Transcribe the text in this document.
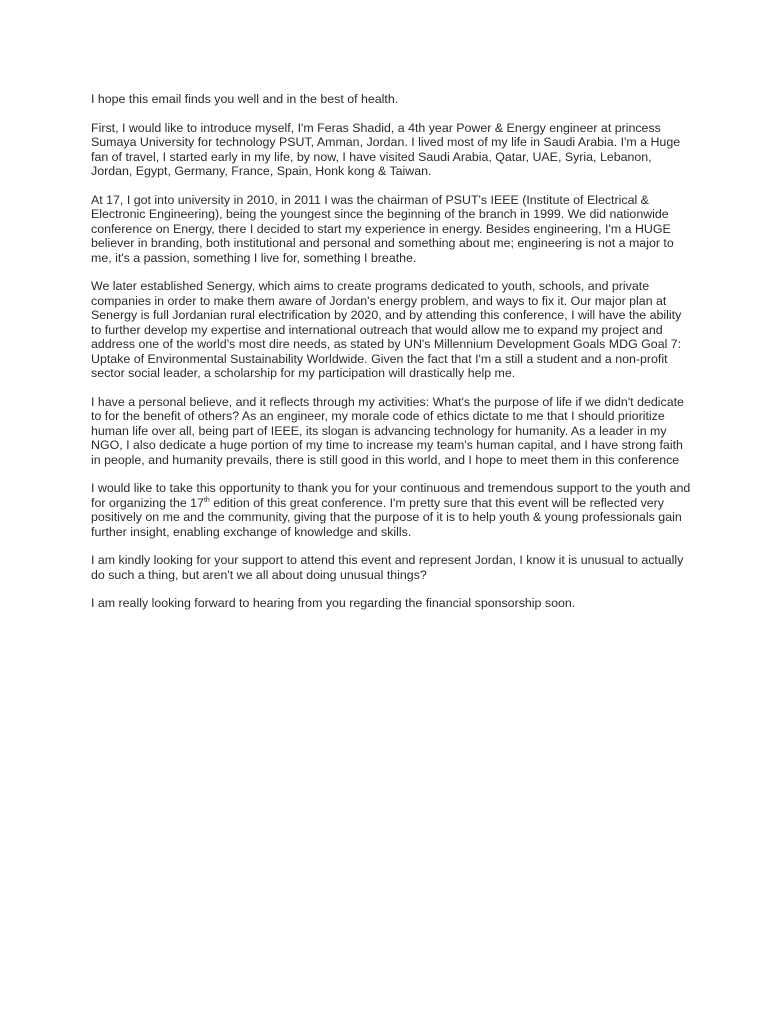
I hope this email finds you well and in the best of health.

First, I would like to introduce myself, I'm Feras Shadid, a 4th year Power & Energy engineer at princess Sumaya University for technology PSUT, Amman, Jordan. I lived most of my life in Saudi Arabia. I'm a Huge fan of travel, I started early in my life, by now, I have visited Saudi Arabia, Qatar, UAE, Syria, Lebanon, Jordan, Egypt, Germany, France, Spain, Honk kong & Taiwan.

At 17, I got into university in 2010, in 2011 I was the chairman of PSUT's IEEE (Institute of Electrical & Electronic Engineering), being the youngest since the beginning of the branch in 1999. We did nationwide conference on Energy, there I decided to start my experience in energy. Besides engineering, I'm a HUGE believer in branding, both institutional and personal and something about me; engineering is not a major to me, it's a passion, something I live for, something I breathe.

We later established Senergy, which aims to create programs dedicated to youth, schools, and private companies in order to make them aware of Jordan's energy problem, and ways to fix it. Our major plan at Senergy is full Jordanian rural electrification by 2020, and by attending this conference, I will have the ability to further develop my expertise and international outreach that would allow me to expand my project and address one of the world's most dire needs, as stated by UN's Millennium Development Goals MDG Goal 7: Uptake of Environmental Sustainability Worldwide. Given the fact that I'm a still a student and a non-profit sector social leader, a scholarship for my participation will drastically help me.

I have a personal believe, and it reflects through my activities: What's the purpose of life if we didn't dedicate to for the benefit of others? As an engineer, my morale code of ethics dictate to me that I should prioritize human life over all, being part of IEEE, its slogan is advancing technology for humanity. As a leader in my NGO, I also dedicate a huge portion of my time to increase my team's human capital, and I have strong faith in people, and humanity prevails, there is still good in this world, and I hope to meet them in this conference

I would like to take this opportunity to thank you for your continuous and tremendous support to the youth and for organizing the 17th edition of this great conference. I'm pretty sure that this event will be reflected very positively on me and the community, giving that the purpose of it is to help youth & young professionals gain further insight, enabling exchange of knowledge and skills.

I am kindly looking for your support to attend this event and represent Jordan, I know it is unusual to actually do such a thing, but aren't we all about doing unusual things?

I am really looking forward to hearing from you regarding the financial sponsorship soon.
